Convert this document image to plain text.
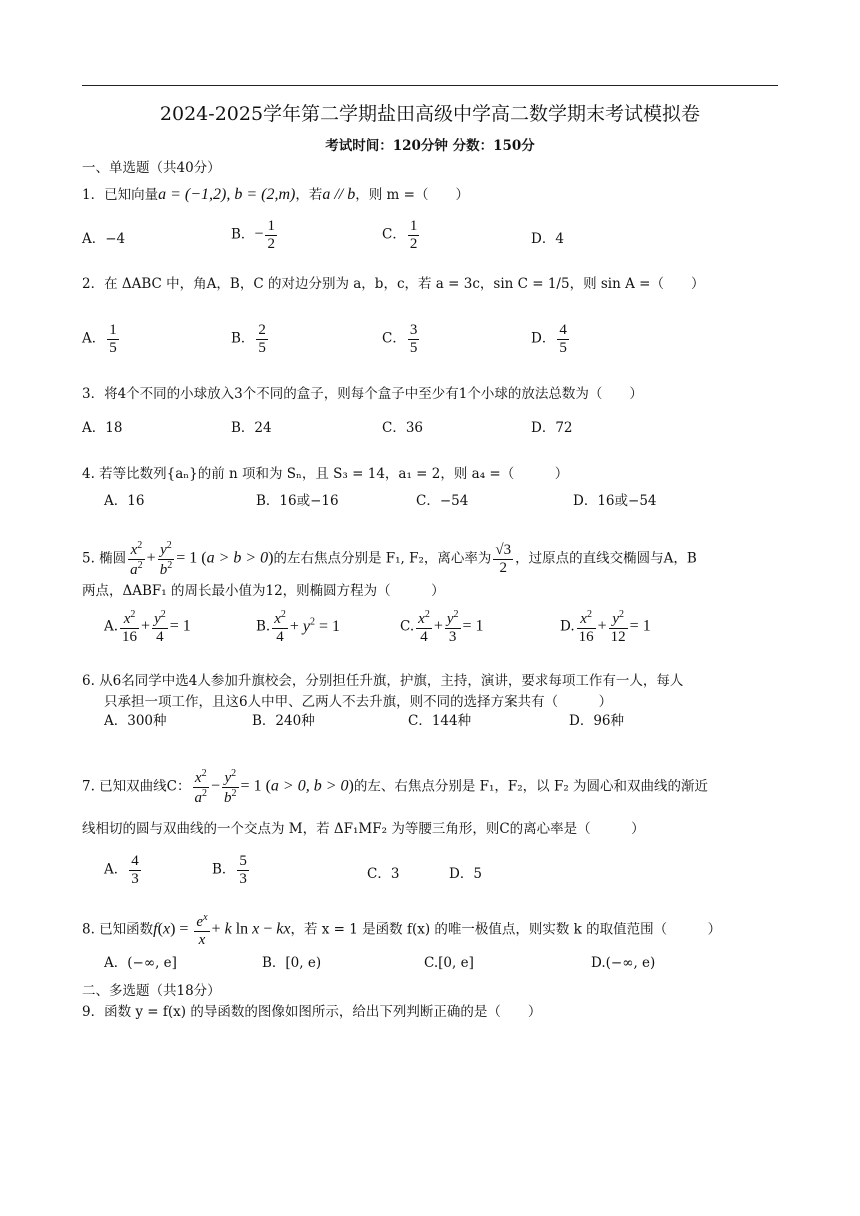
2024-2025学年第二学期盐田高级中学高二数学期末考试模拟卷
考试时间：120分钟 分数：150分
一、单选题（共40分）
1．已知向量a = (−1,2), b = (2,m)，若a // b，则 m =（　　）
A．−4	B．− $\frac{1}{2}$	C． $\frac{1}{2}$	D．4
2．在 ΔABC 中，角A，B，C 的对边分别为 a，b，c，若 a = 3c，sin C = 1/5，则 sin A =（　　）
A． $\frac{1}{5}$	B． $\frac{2}{5}$	C． $\frac{3}{5}$	D． $\frac{4}{5}$
3．将4个不同的小球放入3个不同的盒子，则每个盒子中至少有1个小球的放法总数为（　　）
A．18	B．24	C．36	D．72
4. 若等比数列{aₙ}的前 n 项和为 Sₙ，且 S₃ = 14，a₁ = 2，则 a₄ =（　　　）
A．16	B．16或−16	C．−54	D．16或−54
5. 椭圆 $\frac{x^2}{a^2} + \frac{y^2}{b^2} = 1$ (a > b > 0)的左右焦点分别是 F₁, F₂，离心率为 $\frac{√3}{2}$ ，过原点的直线交椭圆与A，B
两点，ΔABF₁ 的周长最小值为12，则椭圆方程为（　　　）
A. $\frac{x^2}{16} + \frac{y^2}{4} = 1$	B. $\frac{x^2}{4} + y^2 = 1$	C. $\frac{x^2}{4} + \frac{y^2}{3} = 1$	D. $\frac{x^2}{16} + \frac{y^2}{12} = 1$
6. 从6名同学中选4人参加升旗校会，分别担任升旗，护旗，主持，演讲，要求每项工作有一人，每人
只承担一项工作，且这6人中甲、乙两人不去升旗，则不同的选择方案共有（　　　）
A．300种	B．240种	C．144种	D．96种
7. 已知双曲线C： $\frac{x^2}{a^2} - \frac{y^2}{b^2} = 1$ (a > 0, b > 0)的左、右焦点分别是 F₁，F₂，以 F₂ 为圆心和双曲线的渐近
线相切的圆与双曲线的一个交点为 M，若 ΔF₁MF₂ 为等腰三角形，则C的离心率是（　　　）
A． $\frac{4}{3}$	B． $\frac{5}{3}$	C．3	D．5
8. 已知函数$f(x) = \frac{e^x}{x} + k$ ln x − kx，若 x = 1 是函数 f(x) 的唯一极值点，则实数 k 的取值范围（　　　）
A．(−∞, e]	B．[0, e)	C.[0, e]	D.(−∞, e)
二、多选题（共18分）
9．函数 y = f(x) 的导函数的图像如图所示，给出下列判断正确的是（　　）
